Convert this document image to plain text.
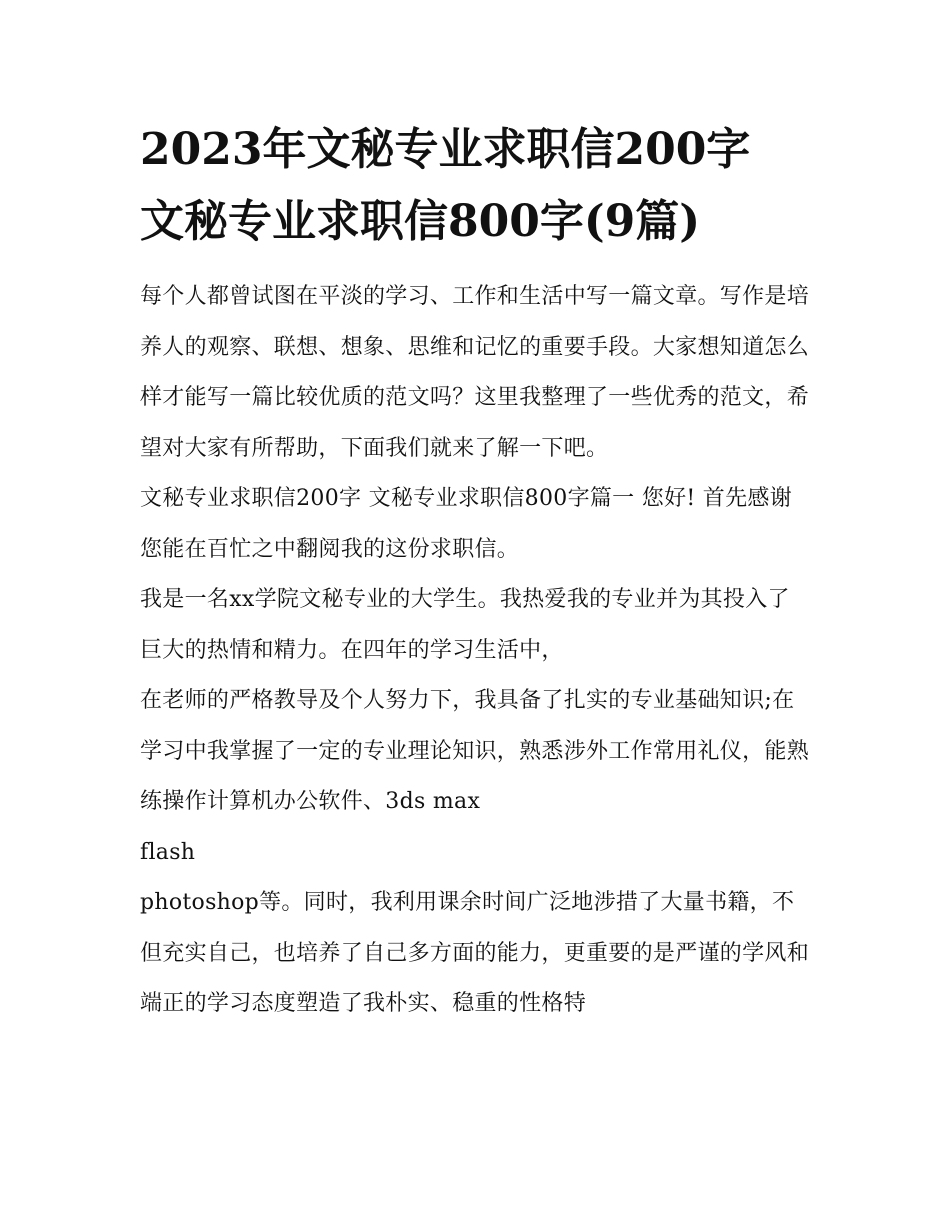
2023年文秘专业求职信200字
文秘专业求职信800字(9篇)

每个人都曾试图在平淡的学习、工作和生活中写一篇文章。写作是培养人的观察、联想、想象、思维和记忆的重要手段。大家想知道怎么样才能写一篇比较优质的范文吗？这里我整理了一些优秀的范文，希望对大家有所帮助，下面我们就来了解一下吧。

文秘专业求职信200字 文秘专业求职信800字篇一 您好! 首先感谢您能在百忙之中翻阅我的这份求职信。

我是一名xx学院文秘专业的大学生。我热爱我的专业并为其投入了巨大的热情和精力。在四年的学习生活中，

在老师的严格教导及个人努力下，我具备了扎实的专业基础知识;在学习中我掌握了一定的专业理论知识，熟悉涉外工作常用礼仪，能熟练操作计算机办公软件、3ds max

flash

photoshop等。同时，我利用课余时间广泛地涉措了大量书籍，不但充实自己，也培养了自己多方面的能力，更重要的是严谨的学风和端正的学习态度塑造了我朴实、稳重的性格特
